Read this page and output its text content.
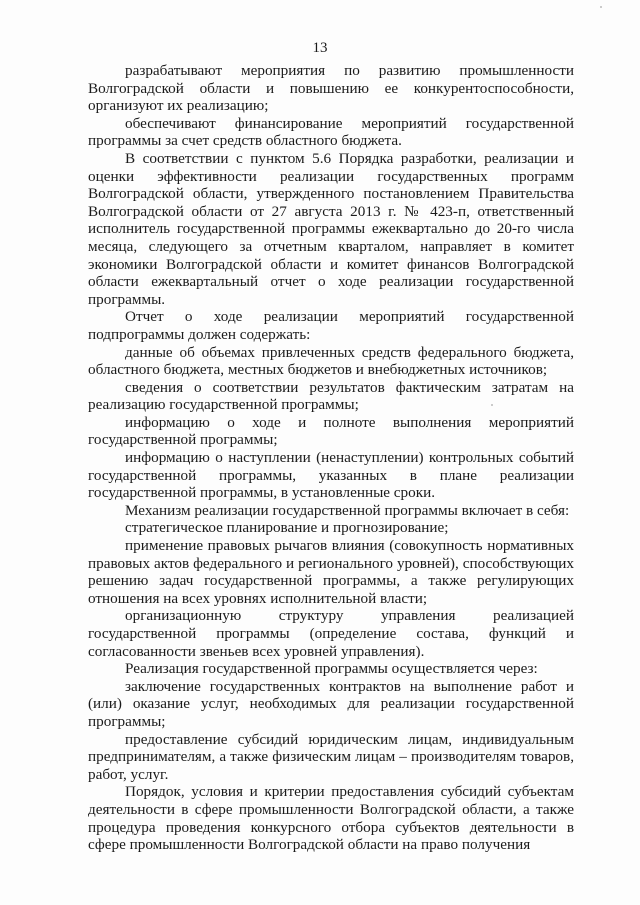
13

разрабатывают мероприятия по развитию промышленности Волгоградской области и повышению ее конкурентоспособности, организуют их реализацию;

обеспечивают финансирование мероприятий государственной программы за счет средств областного бюджета.

В соответствии с пунктом 5.6 Порядка разработки, реализации и оценки эффективности реализации государственных программ Волгоградской области, утвержденного постановлением Правительства Волгоградской области от 27 августа 2013 г. № 423-п, ответственный исполнитель государственной программы ежеквартально до 20-го числа месяца, следующего за отчетным кварталом, направляет в комитет экономики Волгоградской области и комитет финансов Волгоградской области ежеквартальный отчет о ходе реализации государственной программы.

Отчет о ходе реализации мероприятий государственной подпрограммы должен содержать:

данные об объемах привлеченных средств федерального бюджета, областного бюджета, местных бюджетов и внебюджетных источников;

сведения о соответствии результатов фактическим затратам на реализацию государственной программы;

информацию о ходе и полноте выполнения мероприятий государственной программы;

информацию о наступлении (ненаступлении) контрольных событий государственной программы, указанных в плане реализации государственной программы, в установленные сроки.

Механизм реализации государственной программы включает в себя:

стратегическое планирование и прогнозирование;

применение правовых рычагов влияния (совокупность нормативных правовых актов федерального и регионального уровней), способствующих решению задач государственной программы, а также регулирующих отношения на всех уровнях исполнительной власти;

организационную структуру управления реализацией государственной программы (определение состава, функций и согласованности звеньев всех уровней управления).

Реализация государственной программы осуществляется через:

заключение государственных контрактов на выполнение работ и (или) оказание услуг, необходимых для реализации государственной программы;

предоставление субсидий юридическим лицам, индивидуальным предпринимателям, а также физическим лицам – производителям товаров, работ, услуг.

Порядок, условия и критерии предоставления субсидий субъектам деятельности в сфере промышленности Волгоградской области, а также процедура проведения конкурсного отбора субъектов деятельности в сфере промышленности Волгоградской области на право получения
